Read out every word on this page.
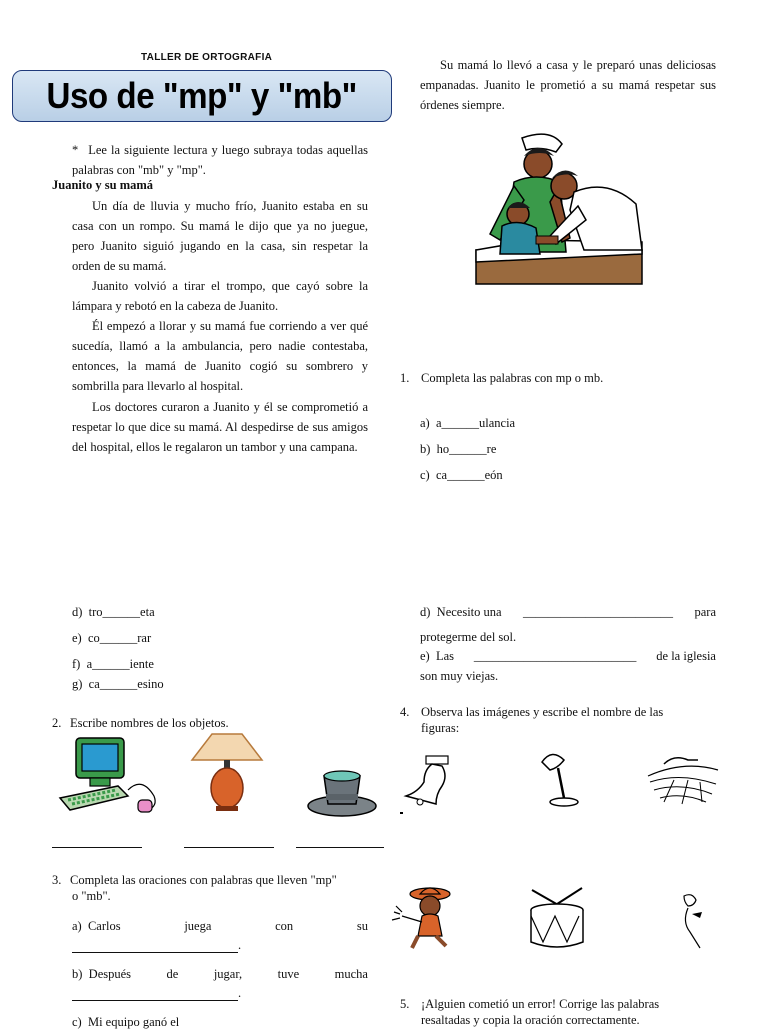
TALLER DE ORTOGRAFIA
Uso de "mp" y "mb"
* Lee la siguiente lectura y luego subraya todas aquellas palabras con "mb" y "mp".
Juanito y su mamá
Un día de lluvia y mucho frío, Juanito estaba en su casa con un rompo. Su mamá le dijo que ya no juegue, pero Juanito siguió jugando en la casa, sin respetar la orden de su mamá.
Juanito volvió a tirar el trompo, que cayó sobre la lámpara y rebotó en la cabeza de Juanito.
Él empezó a llorar y su mamá fue corriendo a ver qué sucedía, llamó a la ambulancia, pero nadie contestaba, entonces, la mamá de Juanito cogió su sombrero y sombrilla para llevarlo al hospital.
Los doctores curaron a Juanito y él se comprometió a respetar lo que dice su mamá. Al despedirse de sus amigos del hospital, ellos le regalaron un tambor y una campana.
Su mamá lo llevó a casa y le preparó unas deliciosas empanadas. Juanito le prometió a su mamá respetar sus órdenes siempre.
1. Completa las palabras con mp o mb.
a) a______ulancia
b) ho______re
c) ca______eón
d) tro______eta
e) co______rar
f) a______iente
g) ca______esino
d) Necesito una ________________________ para
protegerme del sol.
e) Las __________________________ de la iglesia
son muy viejas.
2. Escribe nombres de los objetos.
4. Observa las imágenes y escribe el nombre de las
figuras:
3. Completa las oraciones con palabras que lleven "mp"
o "mb".
a) Carlos	juega	con	su
.
b) Después	de	jugar,	tuve	mucha
.
c) Mi equipo ganó el
5. ¡Alguien cometió un error! Corrige las palabras
resaltadas y copia la oración correctamente.
